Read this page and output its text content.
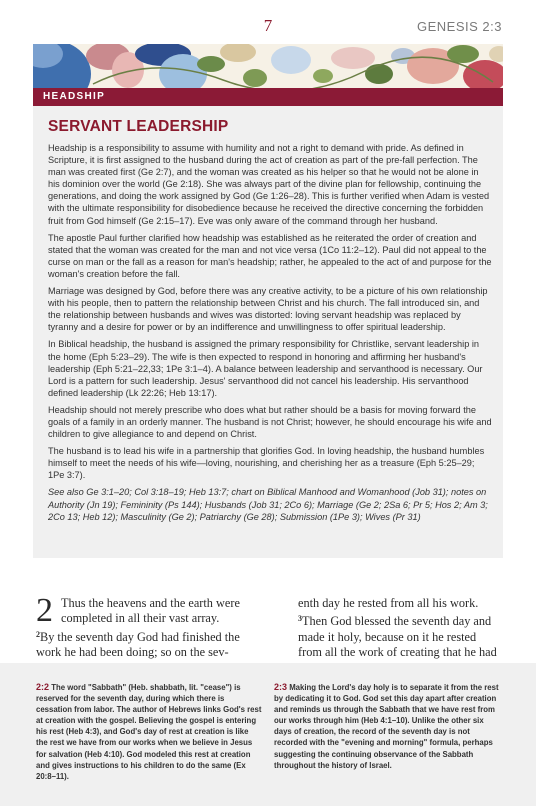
7	GENESIS 2:3
HEADSHIP
SERVANT LEADERSHIP

Headship is a responsibility to assume with humility and not a right to demand with pride. As defined in Scripture, it is first assigned to the husband during the act of creation as part of the pre-fall perfection. The man was created first (Ge 2:7), and the woman was created as his helper so that he would not be alone in his dominion over the world (Ge 2:18). She was always part of the divine plan for fellowship, continuing the generations, and doing the work assigned by God (Ge 1:26–28). This is further verified when Adam is vested with the ultimate responsibility for disobedience because he received the directive concerning the forbidden fruit from God himself (Ge 2:15–17). Eve was only aware of the command through her husband.

The apostle Paul further clarified how headship was established as he reiterated the order of creation and stated that the woman was created for the man and not vice versa (1Co 11:2–12). Paul did not appeal to the curse on man or the fall as a reason for man's headship; rather, he appealed to the act of and purpose for the woman's creation before the fall.

Marriage was designed by God, before there was any creative activity, to be a picture of his own relationship with his people, then to pattern the relationship between Christ and his church. The fall introduced sin, and the relationship between husbands and wives was distorted: loving servant headship was replaced by tyranny and a desire for power or by an indifference and unwillingness to offer spiritual leadership.

In Biblical headship, the husband is assigned the primary responsibility for Christlike, servant leadership in the home (Eph 5:23–29). The wife is then expected to respond in honoring and affirming her husband's leadership (Eph 5:21–22,33; 1Pe 3:1–4). A balance between leadership and servanthood is necessary. Our Lord is a pattern for such leadership. Jesus' servanthood did not cancel his leadership. His servanthood defined leadership (Lk 22:26; Heb 13:17).

Headship should not merely prescribe who does what but rather should be a basis for moving forward the goals of a family in an orderly manner. The husband is not Christ; however, he should encourage his wife and children to give allegiance to and depend on Christ.

The husband is to lead his wife in a partnership that glorifies God. In loving headship, the husband humbles himself to meet the needs of his wife—loving, nourishing, and cherishing her as a treasure (Eph 5:25–29; 1Pe 3:7).

See also Ge 3:1–20; Col 3:18–19; Heb 13:7; chart on Biblical Manhood and Womanhood (Job 31); notes on Authority (Jn 19); Femininity (Ps 144); Husbands (Job 31; 2Co 6); Marriage (Ge 2; 2Sa 6; Pr 5; Hos 2; Am 3; 2Co 13; Heb 12); Masculinity (Ge 2); Patriarchy (Ge 28); Submission (1Pe 3); Wives (Pr 31)

2 Thus the heavens and the earth were completed in all their vast array.
$^2$By the seventh day God had finished the work he had been doing; so on the sev-
enth day he rested from all his work. $^3$Then God blessed the seventh day and made it holy, because on it he rested from all the work of creating that he had
2:2 The word "Sabbath" (Heb. shabbath, lit. "cease") is reserved for the seventh day, during which there is cessation from labor. The author of Hebrews links God's rest at creation with the gospel. Believing the gospel is entering his rest (Heb 4:3), and God's day of rest at creation is like the rest we have from our works when we believe in Jesus for salvation (Heb 4:10). God modeled this rest at creation and gives instructions to his children to do the same (Ex 20:8–11).
2:3 Making the Lord's day holy is to separate it from the rest by dedicating it to God. God set this day apart after creation and reminds us through the Sabbath that we have rest from our works through him (Heb 4:1–10). Unlike the other six days of creation, the record of the seventh day is not recorded with the "evening and morning" formula, perhaps suggesting the continuing observance of the Sabbath throughout the history of Israel.
